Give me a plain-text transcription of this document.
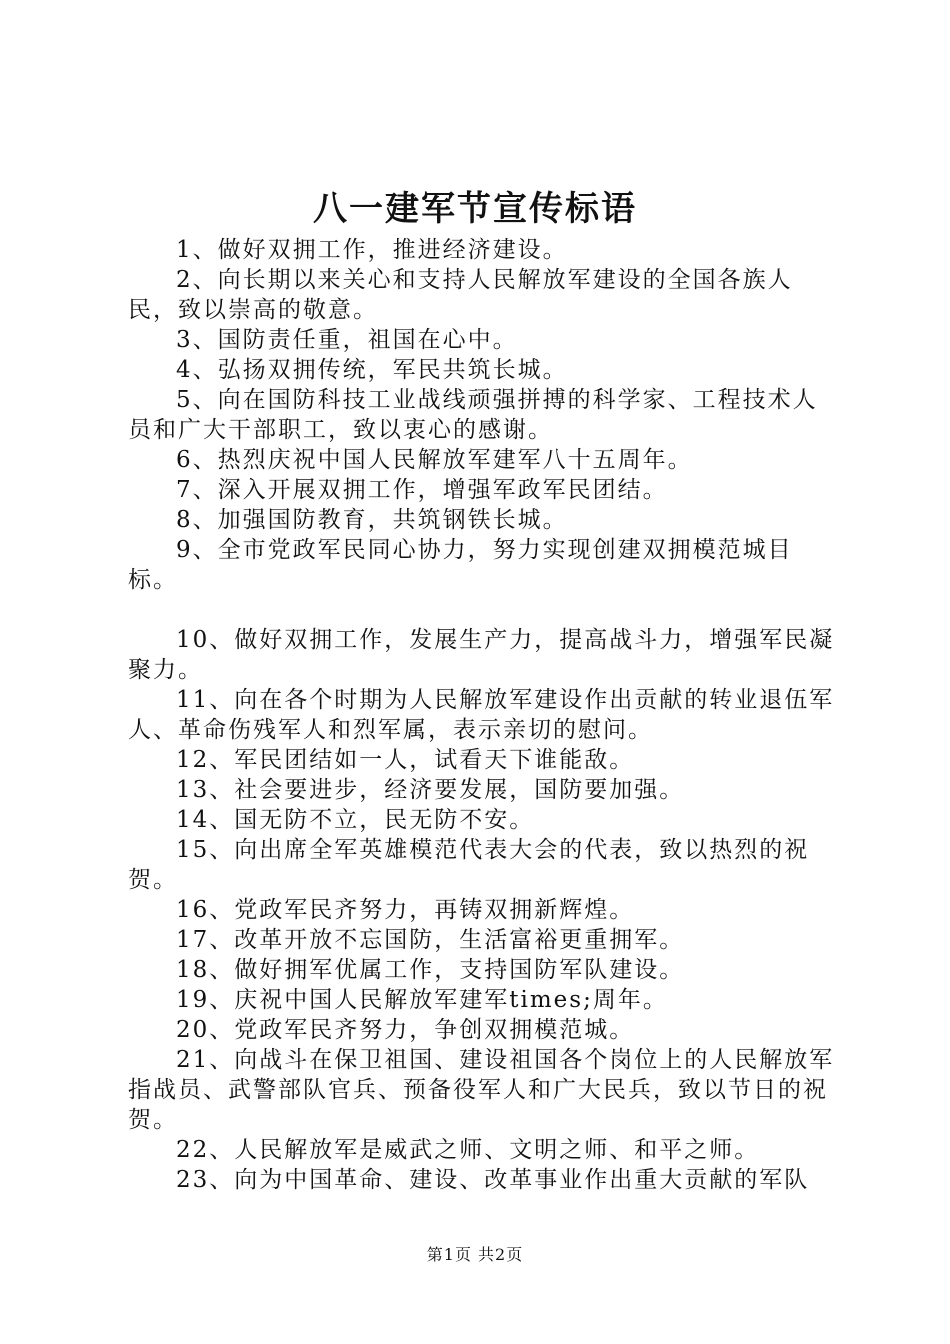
八一建军节宣传标语

1、做好双拥工作，推进经济建设。

2、向长期以来关心和支持人民解放军建设的全国各族人民，致以崇高的敬意。

3、国防责任重，祖国在心中。

4、弘扬双拥传统，军民共筑长城。

5、向在国防科技工业战线顽强拼搏的科学家、工程技术人员和广大干部职工，致以衷心的感谢。

6、热烈庆祝中国人民解放军建军八十五周年。

7、深入开展双拥工作，增强军政军民团结。

8、加强国防教育，共筑钢铁长城。

9、全市党政军民同心协力，努力实现创建双拥模范城目标。

10、做好双拥工作，发展生产力，提高战斗力，增强军民凝聚力。

11、向在各个时期为人民解放军建设作出贡献的转业退伍军人、革命伤残军人和烈军属，表示亲切的慰问。

12、军民团结如一人，试看天下谁能敌。

13、社会要进步，经济要发展，国防要加强。

14、国无防不立，民无防不安。

15、向出席全军英雄模范代表大会的代表，致以热烈的祝贺。

16、党政军民齐努力，再铸双拥新辉煌。

17、改革开放不忘国防，生活富裕更重拥军。

18、做好拥军优属工作，支持国防军队建设。

19、庆祝中国人民解放军建军times;周年。

20、党政军民齐努力，争创双拥模范城。

21、向战斗在保卫祖国、建设祖国各个岗位上的人民解放军指战员、武警部队官兵、预备役军人和广大民兵，致以节日的祝贺。

22、人民解放军是威武之师、文明之师、和平之师。

23、向为中国革命、建设、改革事业作出重大贡献的军队

第1页 共2页
